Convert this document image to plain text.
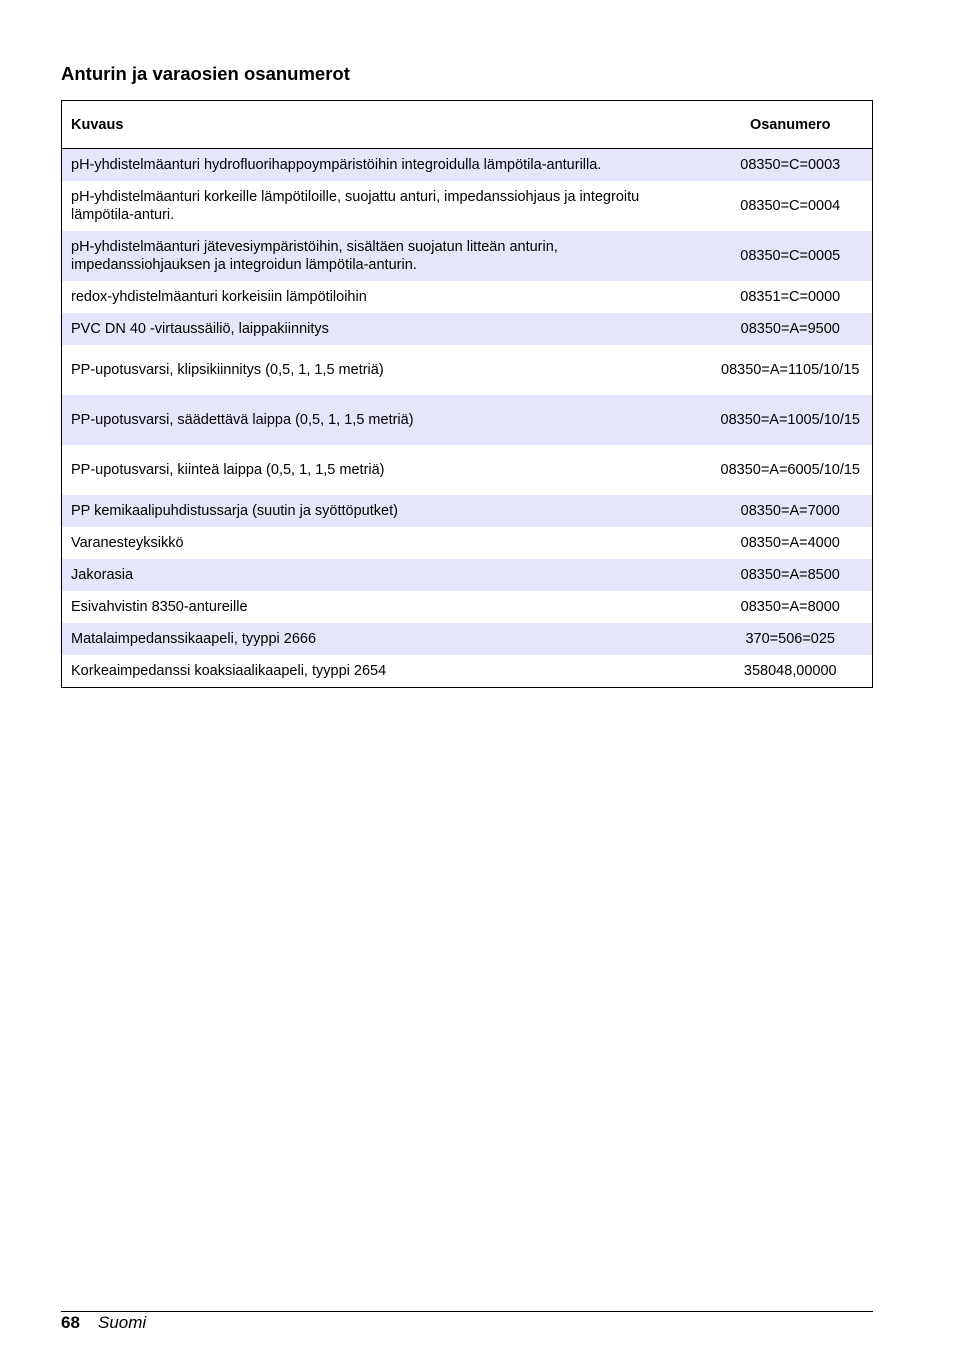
Anturin ja varaosien osanumerot
Kuvaus	Osanumero
pH-yhdistelmäanturi hydrofluorihappoympäristöihin integroidulla lämpötila-anturilla.	08350=C=0003
pH-yhdistelmäanturi korkeille lämpötiloille, suojattu anturi, impedanssiohjaus ja integroitu lämpötila-anturi.	08350=C=0004
pH-yhdistelmäanturi jätevesiympäristöihin, sisältäen suojatun litteän anturin, impedanssiohjauksen ja integroidun lämpötila-anturin.	08350=C=0005
redox-yhdistelmäanturi korkeisiin lämpötiloihin	08351=C=0000
PVC DN 40 -virtaussäiliö, laippakiinnitys	08350=A=9500
PP-upotusvarsi, klipsikiinnitys (0,5, 1, 1,5 metriä)	08350=A=1105/10/15
PP-upotusvarsi, säädettävä laippa (0,5, 1, 1,5 metriä)	08350=A=1005/10/15
PP-upotusvarsi, kiinteä laippa (0,5, 1, 1,5 metriä)	08350=A=6005/10/15
PP kemikaalipuhdistussarja (suutin ja syöttöputket)	08350=A=7000
Varanesteyksikkö	08350=A=4000
Jakorasia	08350=A=8500
Esivahvistin 8350-antureille	08350=A=8000
Matalaimpedanssikaapeli, tyyppi 2666	370=506=025
Korkeaimpedanssi koaksiaalikaapeli, tyyppi 2654	358048,00000
68 Suomi
